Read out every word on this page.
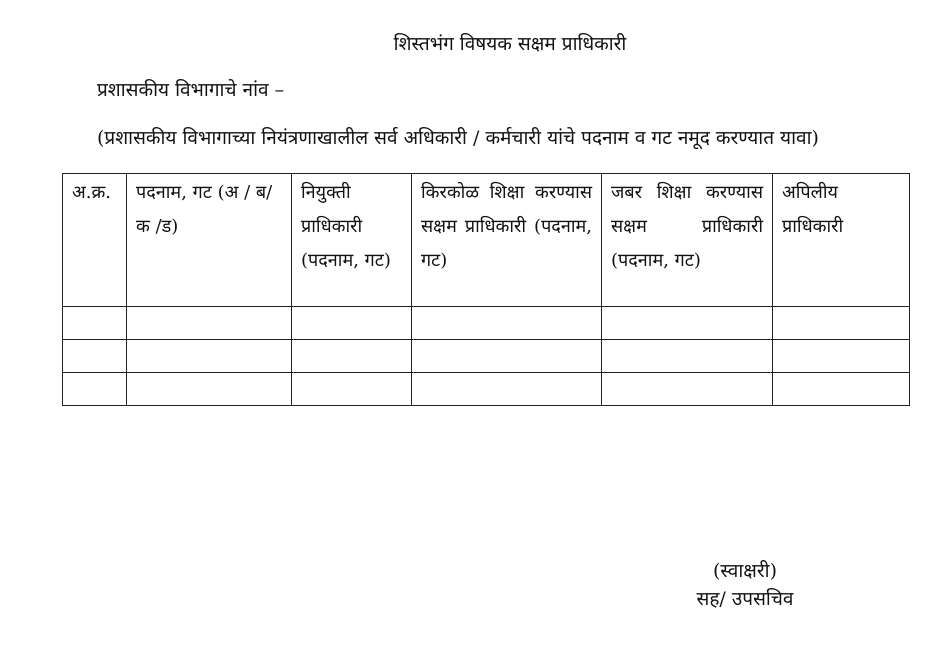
शिस्तभंग विषयक सक्षम प्राधिकारी
प्रशासकीय विभागाचे नांव –
(प्रशासकीय विभागाच्या नियंत्रणाखालील सर्व अधिकारी / कर्मचारी यांचे पदनाम व गट नमूद करण्यात यावा)
अ.क्र.	पदनाम, गट (अ / ब/ क /ड)	नियुक्ती प्राधिकारी (पदनाम, गट)	किरकोळ शिक्षा करण्यास सक्षम प्राधिकारी (पदनाम, गट)	जबर शिक्षा करण्यास सक्षम प्राधिकारी (पदनाम, गट)	अपिलीय प्राधिकारी

(स्वाक्षरी)
सह/ उपसचिव
